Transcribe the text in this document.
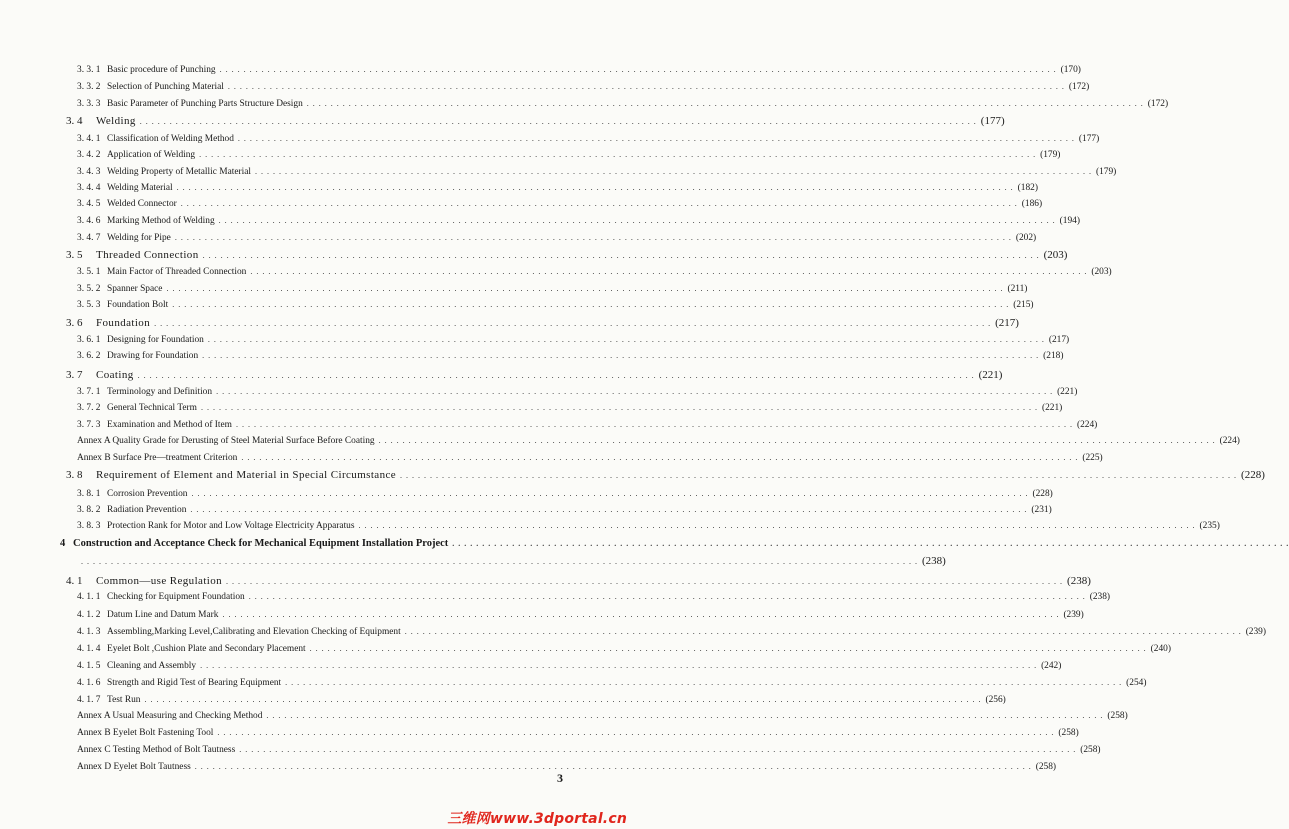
3. 3. 1 Basic procedure of Punching . . . . . . . . . . . . . . . . . . . . . . . . . . . . . . . . . . . . . . . . . . . . . . . . . . . . . . . . . . . . . . . . . . . . . . . . . . . . . . . . . . . . . . . . . . . . . . . . . . . . . . . . . . . . . . . . . . . . . . . . . . . . . . . . . . . . . . . . . . . . (170)
3. 3. 2 Selection of Punching Material . . . . . . . . . . . . . . . . . . . . . . . . . . . . . . . . . . . . . . . . . . . . . . . . . . . . . . . . . . . . . . . . . . . . . . . . . . . . . . . . . . . . . . . . . . . . . . . . . . . . . . . . . . . . . . . . . . . . . . . . . . . . . . . . . . . . . . . . . . . . (172)
3. 3. 3 Basic Parameter of Punching Parts Structure Design . . . . . . . . . . . . . . . . . . . . . . . . . . . . . . . . . . . . . . . . . . . . . . . . . . . . . . . . . . . . . . . . . . . . . . . . . . . . . . . . . . . . . . . . . . . . . . . . . . . . . . . . . . . . . . . . . . . . . . . . . . . . . . . . . . . . . . . . . . . . (172)
3. 4	Welding . . . . . . . . . . . . . . . . . . . . . . . . . . . . . . . . . . . . . . . . . . . . . . . . . . . . . . . . . . . . . . . . . . . . . . . . . . . . . . . . . . . . . . . . . . . . . . . . . . . . . . . . . . . . . . . . . . . . . . . . . . . . . . . . . . . . . . . . . . . . (177)
3. 4. 1 Classification of Welding Method . . . . . . . . . . . . . . . . . . . . . . . . . . . . . . . . . . . . . . . . . . . . . . . . . . . . . . . . . . . . . . . . . . . . . . . . . . . . . . . . . . . . . . . . . . . . . . . . . . . . . . . . . . . . . . . . . . . . . . . . . . . . . . . . . . . . . . . . . . . . (177)
3. 4. 2 Application of Welding . . . . . . . . . . . . . . . . . . . . . . . . . . . . . . . . . . . . . . . . . . . . . . . . . . . . . . . . . . . . . . . . . . . . . . . . . . . . . . . . . . . . . . . . . . . . . . . . . . . . . . . . . . . . . . . . . . . . . . . . . . . . . . . . . . . . . . . . . . . . (179)
3. 4. 3 Welding Property of Metallic Material . . . . . . . . . . . . . . . . . . . . . . . . . . . . . . . . . . . . . . . . . . . . . . . . . . . . . . . . . . . . . . . . . . . . . . . . . . . . . . . . . . . . . . . . . . . . . . . . . . . . . . . . . . . . . . . . . . . . . . . . . . . . . . . . . . . . . . . . . . . . (179)
3. 4. 4 Welding Material . . . . . . . . . . . . . . . . . . . . . . . . . . . . . . . . . . . . . . . . . . . . . . . . . . . . . . . . . . . . . . . . . . . . . . . . . . . . . . . . . . . . . . . . . . . . . . . . . . . . . . . . . . . . . . . . . . . . . . . . . . . . . . . . . . . . . . . . . . . . (182)
3. 4. 5 Welded Connector . . . . . . . . . . . . . . . . . . . . . . . . . . . . . . . . . . . . . . . . . . . . . . . . . . . . . . . . . . . . . . . . . . . . . . . . . . . . . . . . . . . . . . . . . . . . . . . . . . . . . . . . . . . . . . . . . . . . . . . . . . . . . . . . . . . . . . . . . . . . (186)
3. 4. 6 Marking Method of Welding . . . . . . . . . . . . . . . . . . . . . . . . . . . . . . . . . . . . . . . . . . . . . . . . . . . . . . . . . . . . . . . . . . . . . . . . . . . . . . . . . . . . . . . . . . . . . . . . . . . . . . . . . . . . . . . . . . . . . . . . . . . . . . . . . . . . . . . . . . . . (194)
3. 4. 7 Welding for Pipe . . . . . . . . . . . . . . . . . . . . . . . . . . . . . . . . . . . . . . . . . . . . . . . . . . . . . . . . . . . . . . . . . . . . . . . . . . . . . . . . . . . . . . . . . . . . . . . . . . . . . . . . . . . . . . . . . . . . . . . . . . . . . . . . . . . . . . . . . . . . (202)
3. 5	Threaded Connection . . . . . . . . . . . . . . . . . . . . . . . . . . . . . . . . . . . . . . . . . . . . . . . . . . . . . . . . . . . . . . . . . . . . . . . . . . . . . . . . . . . . . . . . . . . . . . . . . . . . . . . . . . . . . . . . . . . . . . . . . . . . . . . . . . . . . . . . . . . . (203)
3. 5. 1 Main Factor of Threaded Connection . . . . . . . . . . . . . . . . . . . . . . . . . . . . . . . . . . . . . . . . . . . . . . . . . . . . . . . . . . . . . . . . . . . . . . . . . . . . . . . . . . . . . . . . . . . . . . . . . . . . . . . . . . . . . . . . . . . . . . . . . . . . . . . . . . . . . . . . . . . . (203)
3. 5. 2 Spanner Space . . . . . . . . . . . . . . . . . . . . . . . . . . . . . . . . . . . . . . . . . . . . . . . . . . . . . . . . . . . . . . . . . . . . . . . . . . . . . . . . . . . . . . . . . . . . . . . . . . . . . . . . . . . . . . . . . . . . . . . . . . . . . . . . . . . . . . . . . . . . (211)
3. 5. 3 Foundation Bolt . . . . . . . . . . . . . . . . . . . . . . . . . . . . . . . . . . . . . . . . . . . . . . . . . . . . . . . . . . . . . . . . . . . . . . . . . . . . . . . . . . . . . . . . . . . . . . . . . . . . . . . . . . . . . . . . . . . . . . . . . . . . . . . . . . . . . . . . . . . . (215)
3. 6	Foundation . . . . . . . . . . . . . . . . . . . . . . . . . . . . . . . . . . . . . . . . . . . . . . . . . . . . . . . . . . . . . . . . . . . . . . . . . . . . . . . . . . . . . . . . . . . . . . . . . . . . . . . . . . . . . . . . . . . . . . . . . . . . . . . . . . . . . . . . . . . . (217)
3. 6. 1 Designing for Foundation . . . . . . . . . . . . . . . . . . . . . . . . . . . . . . . . . . . . . . . . . . . . . . . . . . . . . . . . . . . . . . . . . . . . . . . . . . . . . . . . . . . . . . . . . . . . . . . . . . . . . . . . . . . . . . . . . . . . . . . . . . . . . . . . . . . . . . . . . . . . (217)
3. 6. 2 Drawing for Foundation . . . . . . . . . . . . . . . . . . . . . . . . . . . . . . . . . . . . . . . . . . . . . . . . . . . . . . . . . . . . . . . . . . . . . . . . . . . . . . . . . . . . . . . . . . . . . . . . . . . . . . . . . . . . . . . . . . . . . . . . . . . . . . . . . . . . . . . . . . . . (218)
3. 7	Coating . . . . . . . . . . . . . . . . . . . . . . . . . . . . . . . . . . . . . . . . . . . . . . . . . . . . . . . . . . . . . . . . . . . . . . . . . . . . . . . . . . . . . . . . . . . . . . . . . . . . . . . . . . . . . . . . . . . . . . . . . . . . . . . . . . . . . . . . . . . . (221)
3. 7. 1 Terminology and Definition . . . . . . . . . . . . . . . . . . . . . . . . . . . . . . . . . . . . . . . . . . . . . . . . . . . . . . . . . . . . . . . . . . . . . . . . . . . . . . . . . . . . . . . . . . . . . . . . . . . . . . . . . . . . . . . . . . . . . . . . . . . . . . . . . . . . . . . . . . . . (221)
3. 7. 2 General Technical Term . . . . . . . . . . . . . . . . . . . . . . . . . . . . . . . . . . . . . . . . . . . . . . . . . . . . . . . . . . . . . . . . . . . . . . . . . . . . . . . . . . . . . . . . . . . . . . . . . . . . . . . . . . . . . . . . . . . . . . . . . . . . . . . . . . . . . . . . . . . . (221)
3. 7. 3 Examination and Method of Item . . . . . . . . . . . . . . . . . . . . . . . . . . . . . . . . . . . . . . . . . . . . . . . . . . . . . . . . . . . . . . . . . . . . . . . . . . . . . . . . . . . . . . . . . . . . . . . . . . . . . . . . . . . . . . . . . . . . . . . . . . . . . . . . . . . . . . . . . . . . (224)
Annex A Quality Grade for Derusting of Steel Material Surface Before Coating . . . . . . . . . . . . . . . . . . . . . . . . . . . . . . . . . . . . . . . . . . . . . . . . . . . . . . . . . . . . . . . . . . . . . . . . . . . . . . . . . . . . . . . . . . . . . . . . . . . . . . . . . . . . . . . . . . . . . . . . . . . . . . . . . . . . . . . . . . . . (224)
Annex B Surface Pre—treatment Criterion . . . . . . . . . . . . . . . . . . . . . . . . . . . . . . . . . . . . . . . . . . . . . . . . . . . . . . . . . . . . . . . . . . . . . . . . . . . . . . . . . . . . . . . . . . . . . . . . . . . . . . . . . . . . . . . . . . . . . . . . . . . . . . . . . . . . . . . . . . . . (225)
3. 8	Requirement of Element and Material in Special Circumstance . . . . . . . . . . . . . . . . . . . . . . . . . . . . . . . . . . . . . . . . . . . . . . . . . . . . . . . . . . . . . . . . . . . . . . . . . . . . . . . . . . . . . . . . . . . . . . . . . . . . . . . . . . . . . . . . . . . . . . . . . . . . . . . . . . . . . . . . . . . . (228)
3. 8. 1 Corrosion Prevention . . . . . . . . . . . . . . . . . . . . . . . . . . . . . . . . . . . . . . . . . . . . . . . . . . . . . . . . . . . . . . . . . . . . . . . . . . . . . . . . . . . . . . . . . . . . . . . . . . . . . . . . . . . . . . . . . . . . . . . . . . . . . . . . . . . . . . . . . . . . (228)
3. 8. 2 Radiation Prevention . . . . . . . . . . . . . . . . . . . . . . . . . . . . . . . . . . . . . . . . . . . . . . . . . . . . . . . . . . . . . . . . . . . . . . . . . . . . . . . . . . . . . . . . . . . . . . . . . . . . . . . . . . . . . . . . . . . . . . . . . . . . . . . . . . . . . . . . . . . . (231)
3. 8. 3 Protection Rank for Motor and Low Voltage Electricity Apparatus . . . . . . . . . . . . . . . . . . . . . . . . . . . . . . . . . . . . . . . . . . . . . . . . . . . . . . . . . . . . . . . . . . . . . . . . . . . . . . . . . . . . . . . . . . . . . . . . . . . . . . . . . . . . . . . . . . . . . . . . . . . . . . . . . . . . . . . . . . . . (235)
4 Construction and Acceptance Check for Mechanical Equipment Installation Project . . . . . . . . . . . . . . . . . . . . . . . . . . . . . . . . . . . . . . . . . . . . . . . . . . . . . . . . . . . . . . . . . . . . . . . . . . . . . . . . . . . . . . . . . . . . . . . . . . . . . . . . . . . . . . . . . . . . . . . . . . . . . . . . . . . . . . . . . . . .
. . . . . . . . . . . . . . . . . . . . . . . . . . . . . . . . . . . . . . . . . . . . . . . . . . . . . . . . . . . . . . . . . . . . . . . . . . . . . . . . . . . . . . . . . . . . . . . . . . . . . . . . . . . . . . . . . . . . . . . . . . . . . . . . . . . . . . . . . . . . (238)
4. 1	Common—use Regulation . . . . . . . . . . . . . . . . . . . . . . . . . . . . . . . . . . . . . . . . . . . . . . . . . . . . . . . . . . . . . . . . . . . . . . . . . . . . . . . . . . . . . . . . . . . . . . . . . . . . . . . . . . . . . . . . . . . . . . . . . . . . . . . . . . . . . . . . . . . . (238)
4. 1. 1 Checking for Equipment Foundation . . . . . . . . . . . . . . . . . . . . . . . . . . . . . . . . . . . . . . . . . . . . . . . . . . . . . . . . . . . . . . . . . . . . . . . . . . . . . . . . . . . . . . . . . . . . . . . . . . . . . . . . . . . . . . . . . . . . . . . . . . . . . . . . . . . . . . . . . . . . (238)
4. 1. 2 Datum Line and Datum Mark . . . . . . . . . . . . . . . . . . . . . . . . . . . . . . . . . . . . . . . . . . . . . . . . . . . . . . . . . . . . . . . . . . . . . . . . . . . . . . . . . . . . . . . . . . . . . . . . . . . . . . . . . . . . . . . . . . . . . . . . . . . . . . . . . . . . . . . . . . . . (239)
4. 1. 3 Assembling,Marking Level,Calibrating and Elevation Checking of Equipment . . . . . . . . . . . . . . . . . . . . . . . . . . . . . . . . . . . . . . . . . . . . . . . . . . . . . . . . . . . . . . . . . . . . . . . . . . . . . . . . . . . . . . . . . . . . . . . . . . . . . . . . . . . . . . . . . . . . . . . . . . . . . . . . . . . . . . . . . . . . (239)
4. 1. 4 Eyelet Bolt ,Cushion Plate and Secondary Placement . . . . . . . . . . . . . . . . . . . . . . . . . . . . . . . . . . . . . . . . . . . . . . . . . . . . . . . . . . . . . . . . . . . . . . . . . . . . . . . . . . . . . . . . . . . . . . . . . . . . . . . . . . . . . . . . . . . . . . . . . . . . . . . . . . . . . . . . . . . . (240)
4. 1. 5 Cleaning and Assembly . . . . . . . . . . . . . . . . . . . . . . . . . . . . . . . . . . . . . . . . . . . . . . . . . . . . . . . . . . . . . . . . . . . . . . . . . . . . . . . . . . . . . . . . . . . . . . . . . . . . . . . . . . . . . . . . . . . . . . . . . . . . . . . . . . . . . . . . . . . . (242)
4. 1. 6 Strength and Rigid Test of Bearing Equipment . . . . . . . . . . . . . . . . . . . . . . . . . . . . . . . . . . . . . . . . . . . . . . . . . . . . . . . . . . . . . . . . . . . . . . . . . . . . . . . . . . . . . . . . . . . . . . . . . . . . . . . . . . . . . . . . . . . . . . . . . . . . . . . . . . . . . . . . . . . . (254)
4. 1. 7 Test Run . . . . . . . . . . . . . . . . . . . . . . . . . . . . . . . . . . . . . . . . . . . . . . . . . . . . . . . . . . . . . . . . . . . . . . . . . . . . . . . . . . . . . . . . . . . . . . . . . . . . . . . . . . . . . . . . . . . . . . . . . . . . . . . . . . . . . . . . . . . . (256)
Annex A Usual Measuring and Checking Method . . . . . . . . . . . . . . . . . . . . . . . . . . . . . . . . . . . . . . . . . . . . . . . . . . . . . . . . . . . . . . . . . . . . . . . . . . . . . . . . . . . . . . . . . . . . . . . . . . . . . . . . . . . . . . . . . . . . . . . . . . . . . . . . . . . . . . . . . . . . (258)
Annex B Eyelet Bolt Fastening Tool . . . . . . . . . . . . . . . . . . . . . . . . . . . . . . . . . . . . . . . . . . . . . . . . . . . . . . . . . . . . . . . . . . . . . . . . . . . . . . . . . . . . . . . . . . . . . . . . . . . . . . . . . . . . . . . . . . . . . . . . . . . . . . . . . . . . . . . . . . . . (258)
Annex C Testing Method of Bolt Tautness . . . . . . . . . . . . . . . . . . . . . . . . . . . . . . . . . . . . . . . . . . . . . . . . . . . . . . . . . . . . . . . . . . . . . . . . . . . . . . . . . . . . . . . . . . . . . . . . . . . . . . . . . . . . . . . . . . . . . . . . . . . . . . . . . . . . . . . . . . . . (258)
Annex D Eyelet Bolt Tautness . . . . . . . . . . . . . . . . . . . . . . . . . . . . . . . . . . . . . . . . . . . . . . . . . . . . . . . . . . . . . . . . . . . . . . . . . . . . . . . . . . . . . . . . . . . . . . . . . . . . . . . . . . . . . . . . . . . . . . . . . . . . . . . . . . . . . . . . . . . . (258)
3
三维网www.3dportal.cn
